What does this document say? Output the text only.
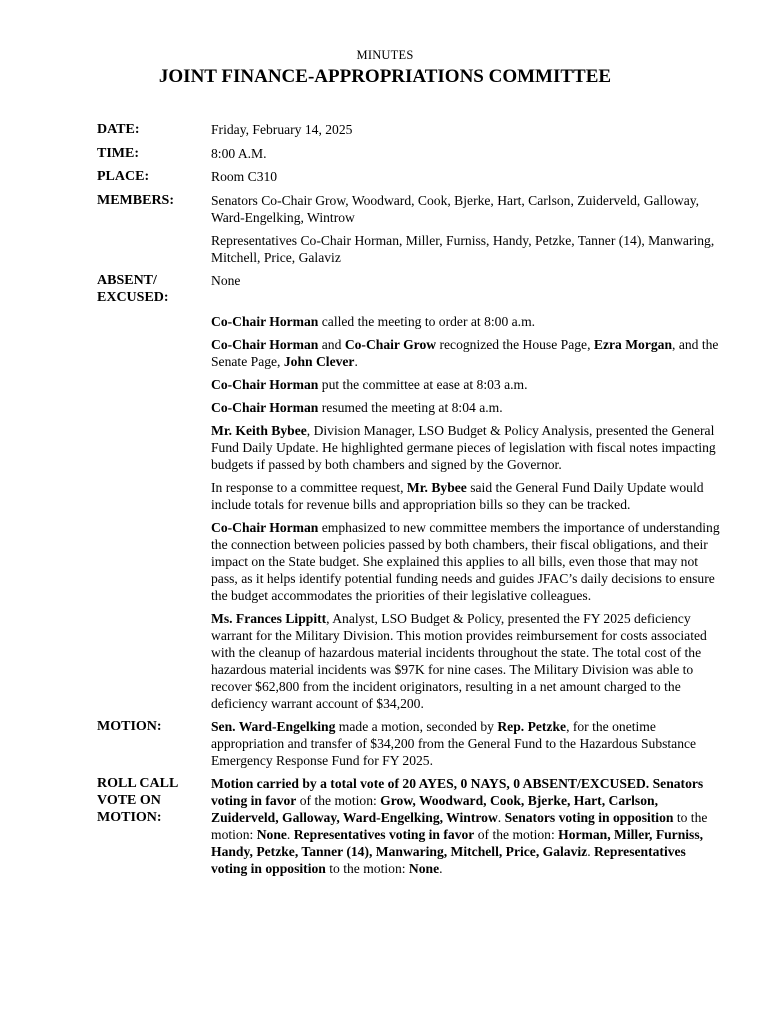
MINUTES
JOINT FINANCE-APPROPRIATIONS COMMITTEE
DATE:	Friday, February 14, 2025
TIME:	8:00 A.M.
PLACE:	Room C310
MEMBERS:	Senators Co-Chair Grow, Woodward, Cook, Bjerke, Hart, Carlson, Zuiderveld, Galloway, Ward-Engelking, Wintrow
Representatives Co-Chair Horman, Miller, Furniss, Handy, Petzke, Tanner (14), Manwaring, Mitchell, Price, Galaviz
ABSENT/
EXCUSED:
None

Co-Chair Horman called the meeting to order at 8:00 a.m.

Co-Chair Horman and Co-Chair Grow recognized the House Page, Ezra Morgan, and the Senate Page, John Clever.

Co-Chair Horman put the committee at ease at 8:03 a.m.

Co-Chair Horman resumed the meeting at 8:04 a.m.

Mr. Keith Bybee, Division Manager, LSO Budget & Policy Analysis, presented the General Fund Daily Update. He highlighted germane pieces of legislation with fiscal notes impacting budgets if passed by both chambers and signed by the Governor.

In response to a committee request, Mr. Bybee said the General Fund Daily Update would include totals for revenue bills and appropriation bills so they can be tracked.

Co-Chair Horman emphasized to new committee members the importance of understanding the connection between policies passed by both chambers, their fiscal obligations, and their impact on the State budget. She explained this applies to all bills, even those that may not pass, as it helps identify potential funding needs and guides JFAC’s daily decisions to ensure the budget accommodates the priorities of their legislative colleagues.

Ms. Frances Lippitt, Analyst, LSO Budget & Policy, presented the FY 2025 deficiency warrant for the Military Division. This motion provides reimbursement for costs associated with the cleanup of hazardous material incidents throughout the state. The total cost of the hazardous material incidents was $97K for nine cases. The Military Division was able to recover $62,800 from the incident originators, resulting in a net amount charged to the deficiency warrant account of $34,200.

MOTION:	Sen. Ward-Engelking made a motion, seconded by Rep. Petzke, for the onetime appropriation and transfer of $34,200 from the General Fund to the Hazardous Substance Emergency Response Fund for FY 2025.
ROLL CALL
VOTE ON
MOTION:
Motion carried by a total vote of 20 AYES, 0 NAYS, 0 ABSENT/EXCUSED. Senators voting in favor of the motion: Grow, Woodward, Cook, Bjerke, Hart, Carlson, Zuiderveld, Galloway, Ward-Engelking, Wintrow. Senators voting in opposition to the motion: None. Representatives voting in favor of the motion: Horman, Miller, Furniss, Handy, Petzke, Tanner (14), Manwaring, Mitchell, Price, Galaviz. Representatives voting in opposition to the motion: None.
